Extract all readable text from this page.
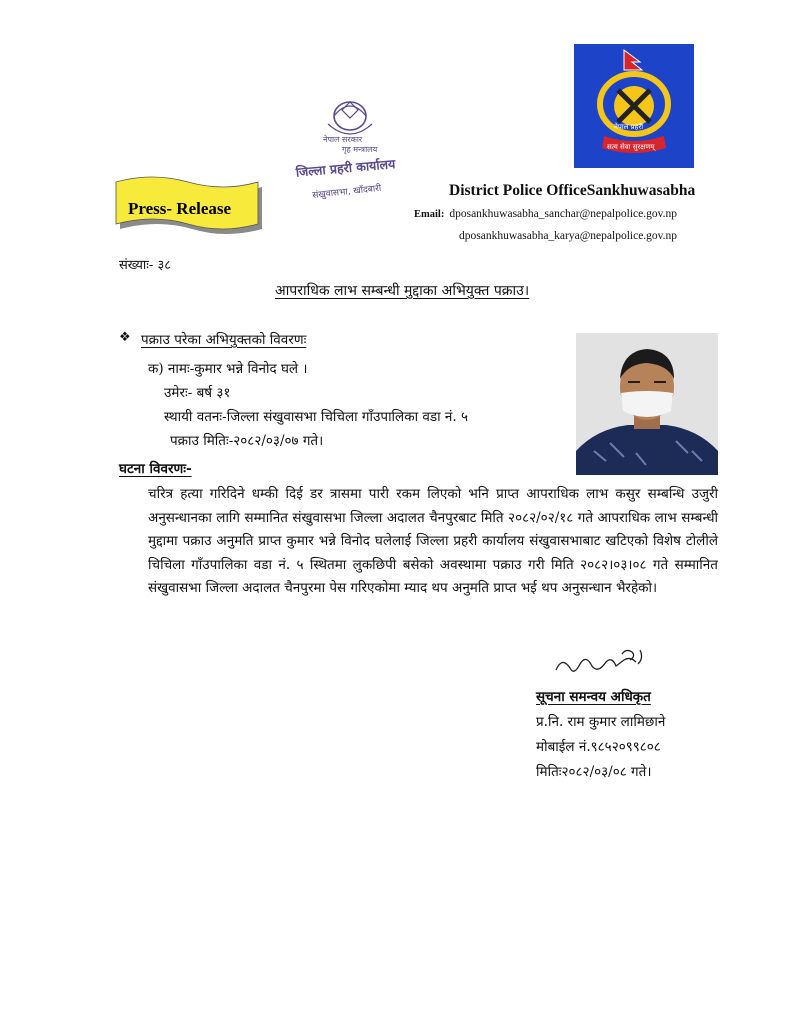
नेपाल सरकार
गृह मन्त्रालय
जिल्ला प्रहरी कार्यालय
संखुवासभा, खाँदबारी
Press- Release
नेपाल प्रहरी
सत्य सेवा सुरक्षणम्
District Police OfficeSankhuwasabha
Email: dposankhuwasabha_sanchar@nepalpolice.gov.np
dposankhuwasabha_karya@nepalpolice.gov.np
संख्याः- ३८
आपराधिक लाभ सम्बन्धी मुद्दाका अभियुक्त पक्राउ।
❖ पक्राउ परेका अभियुक्तको विवरणः
क) नामः-कुमार भन्ने विनोद घले ।
उमेरः- बर्ष ३१
स्थायी वतनः-जिल्ला संखुवासभा चिचिला गाँउपालिका वडा नं. ५
पक्राउ मितिः-२०८२/०३/०७ गते।
घटना विवरणः-
चरित्र हत्या गरिदिने धम्की दिई डर त्रासमा पारी रकम लिएको भनि प्राप्त आपराधिक लाभ कसुर सम्बन्धि उजुरी अनुसन्धानका लागि सम्मानित संखुवासभा जिल्ला अदालत चैनपुरबाट मिति २०८२/०२/१८ गते आपराधिक लाभ सम्बन्धी मुद्दामा पक्राउ अनुमति प्राप्त कुमार भन्ने विनोद घलेलाई जिल्ला प्रहरी कार्यालय संखुवासभाबाट खटिएको विशेष टोलीले चिचिला गाँउपालिका वडा नं. ५ स्थितमा लुकछिपी बसेको अवस्थामा पक्राउ गरी मिति २०८२।०३।०८ गते सम्मानित संखुवासभा जिल्ला अदालत चैनपुरमा पेस गरिएकोमा म्याद थप अनुमति प्राप्त भई थप अनुसन्धान भैरहेको।
सूचना समन्वय अधिकृत
प्र.नि. राम कुमार लामिछाने
मोबाईल नं.९८५२०९९८०८
मितिः२०८२/०३/०८ गते।
